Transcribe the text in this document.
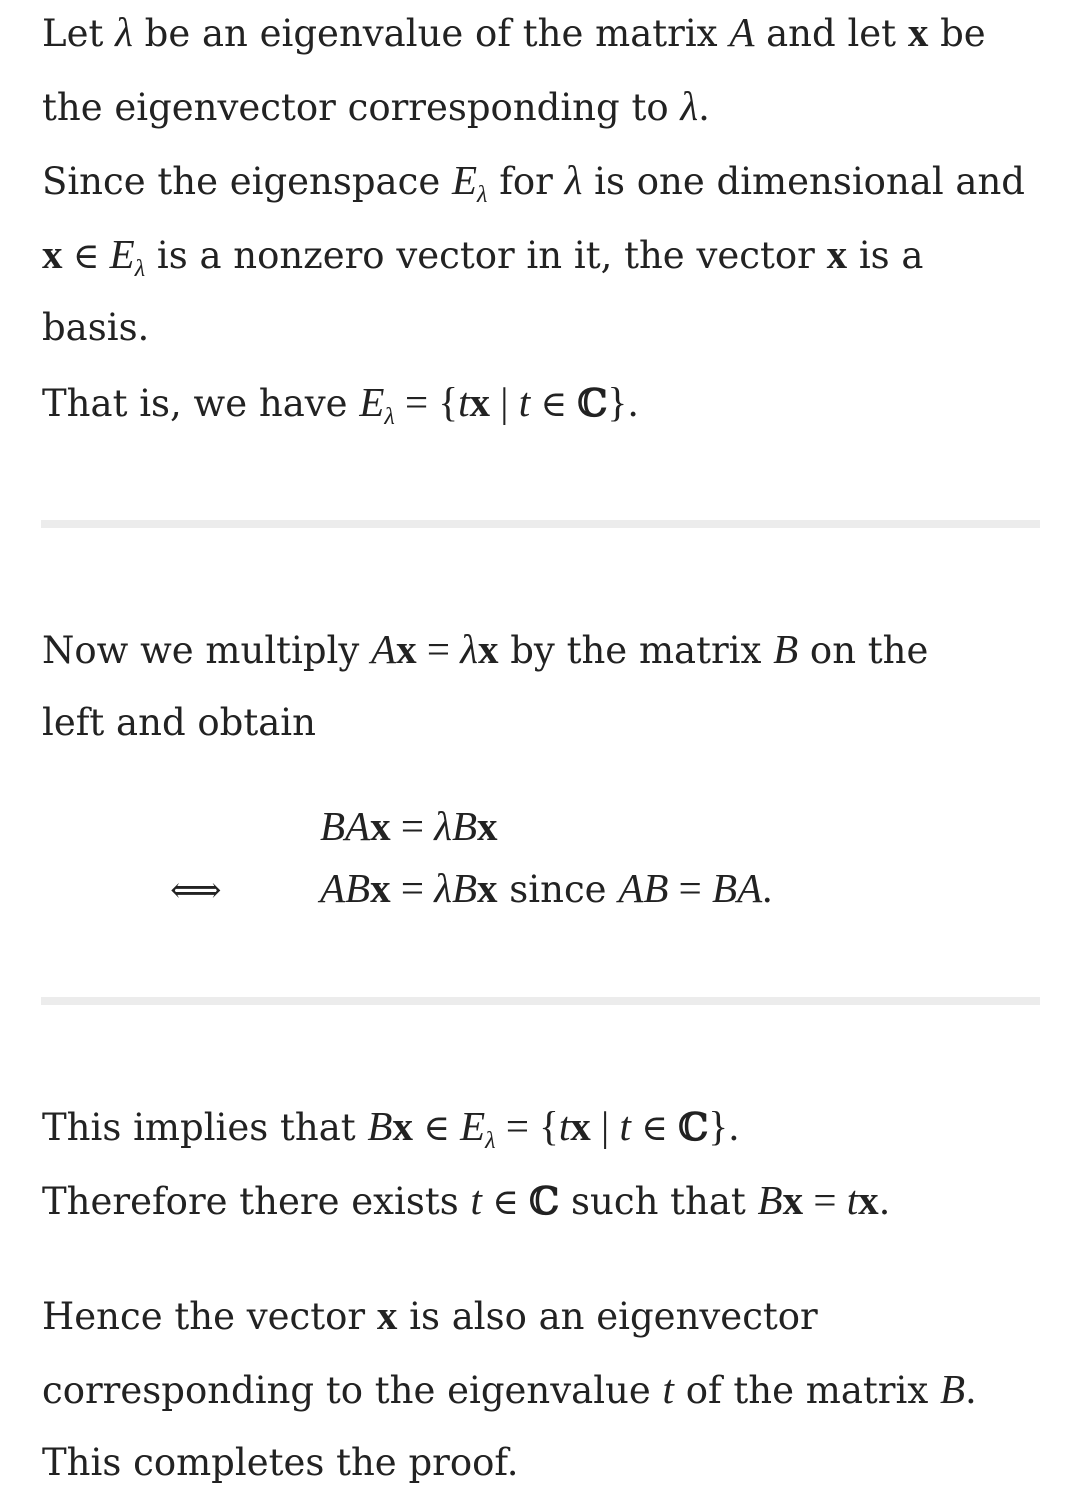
Let λ be an eigenvalue of the matrix A and let x be

the eigenvector corresponding to λ.

Since the eigenspace $E_\lambda$ for λ is one dimensional and

x ∈ $E_\lambda$ is a nonzero vector in it, the vector x is a

basis.

That is, we have $E_\lambda = \{tx$ | t ∈ ℂ}.

Now we multiply Ax = λx by the matrix B on the

left and obtain

BAx = λBx

⟺ ABx = λBx since AB = BA.

This implies that Bx ∈ $E_\lambda = \{tx$ | t ∈ ℂ}.

Therefore there exists t ∈ ℂ such that Bx = tx.

Hence the vector x is also an eigenvector

corresponding to the eigenvalue t of the matrix B.

This completes the proof.
